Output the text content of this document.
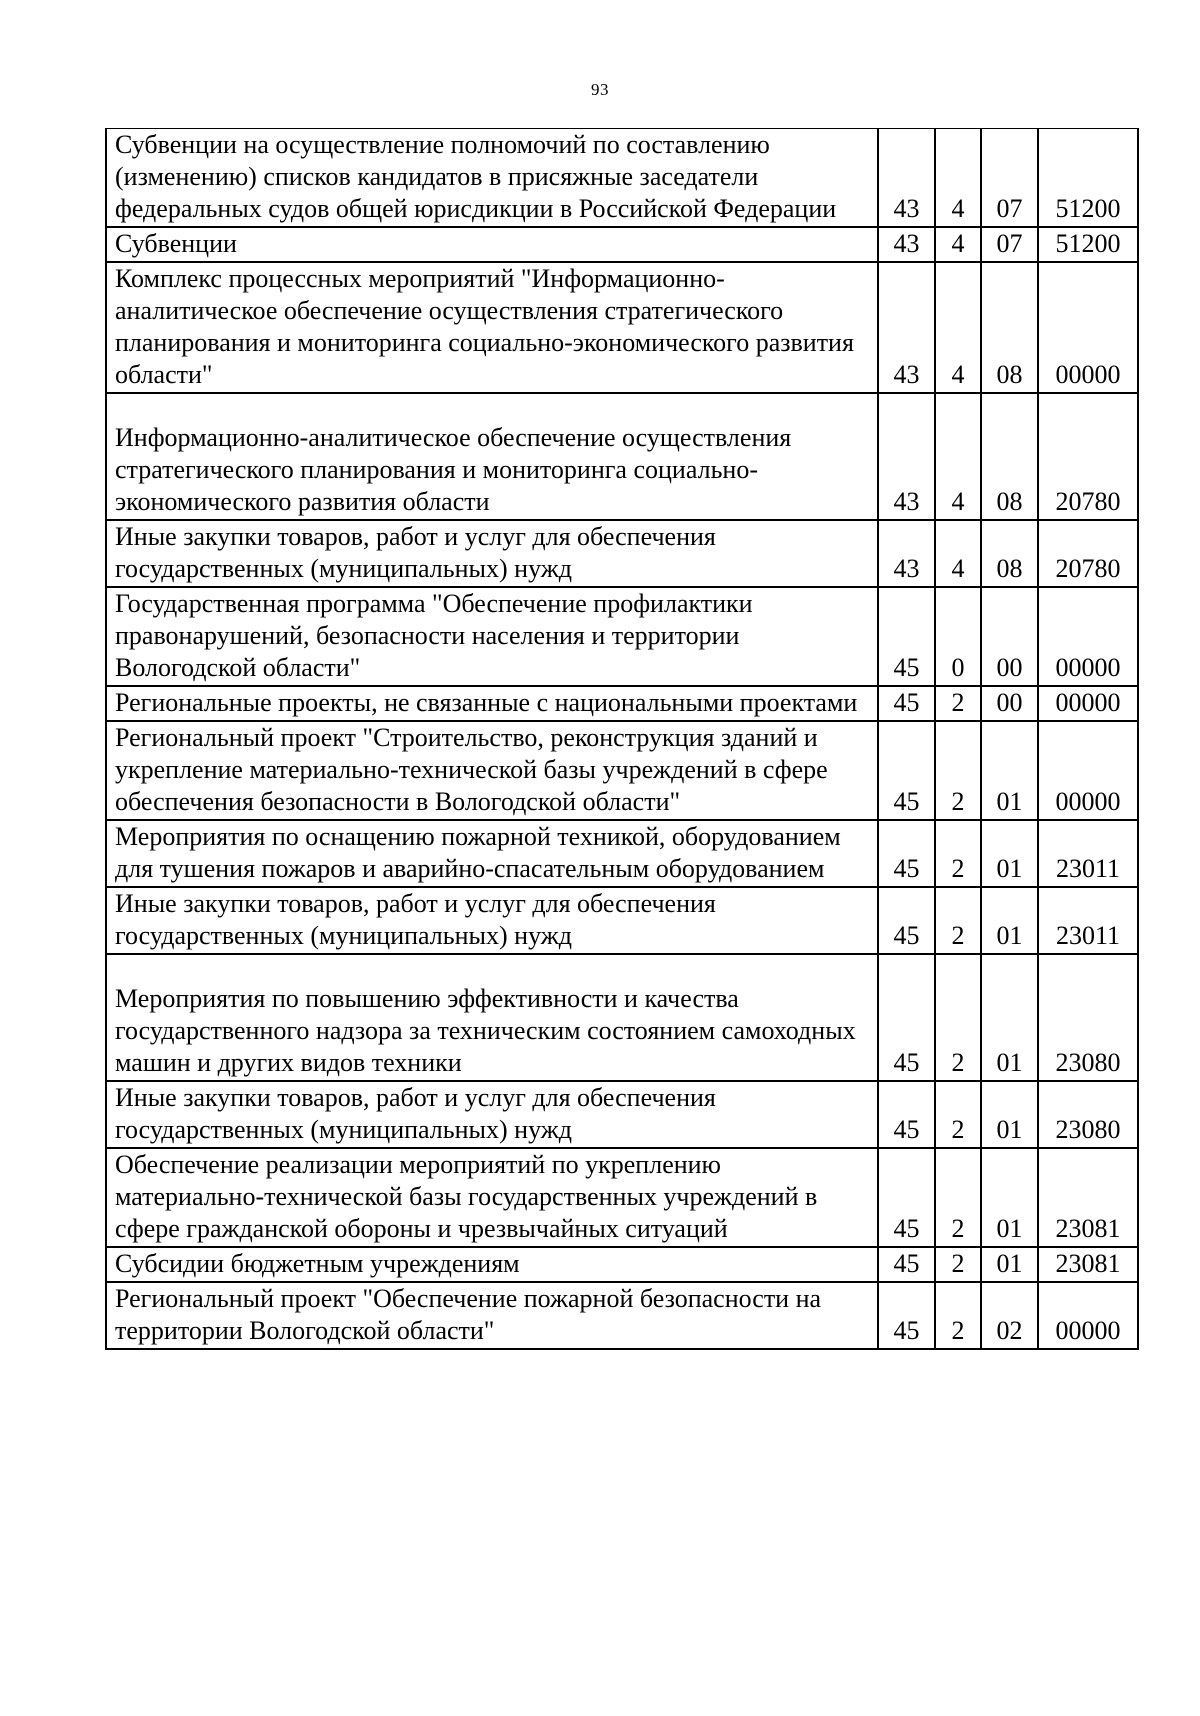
93
Субвенции на осуществление полномочий по составлению (изменению) списков кандидатов в присяжные заседатели федеральных судов общей юрисдикции в Российской Федерации	43	4	07	51200
Субвенции	43	4	07	51200
Комплекс процессных мероприятий "Информационно-аналитическое обеспечение осуществления стратегического планирования и мониторинга социально-экономического развития области"	43	4	08	00000
Информационно-аналитическое обеспечение осуществления стратегического планирования и мониторинга социально-экономического развития области	43	4	08	20780
Иные закупки товаров, работ и услуг для обеспечения государственных (муниципальных) нужд	43	4	08	20780
Государственная программа "Обеспечение профилактики правонарушений, безопасности населения и территории Вологодской области"	45	0	00	00000
Региональные проекты, не связанные с национальными проектами	45	2	00	00000
Региональный проект "Строительство, реконструкция зданий и укрепление материально-технической базы учреждений в сфере обеспечения безопасности в Вологодской области"	45	2	01	00000
Мероприятия по оснащению пожарной техникой, оборудованием для тушения пожаров и аварийно-спасательным оборудованием	45	2	01	23011
Иные закупки товаров, работ и услуг для обеспечения государственных (муниципальных) нужд	45	2	01	23011
Мероприятия по повышению эффективности и качества государственного надзора за техническим состоянием самоходных машин и других видов техники	45	2	01	23080
Иные закупки товаров, работ и услуг для обеспечения государственных (муниципальных) нужд	45	2	01	23080
Обеспечение реализации мероприятий по укреплению материально-технической базы государственных учреждений в сфере гражданской обороны и чрезвычайных ситуаций	45	2	01	23081
Субсидии бюджетным учреждениям	45	2	01	23081
Региональный проект "Обеспечение пожарной безопасности на территории Вологодской области"	45	2	02	00000
